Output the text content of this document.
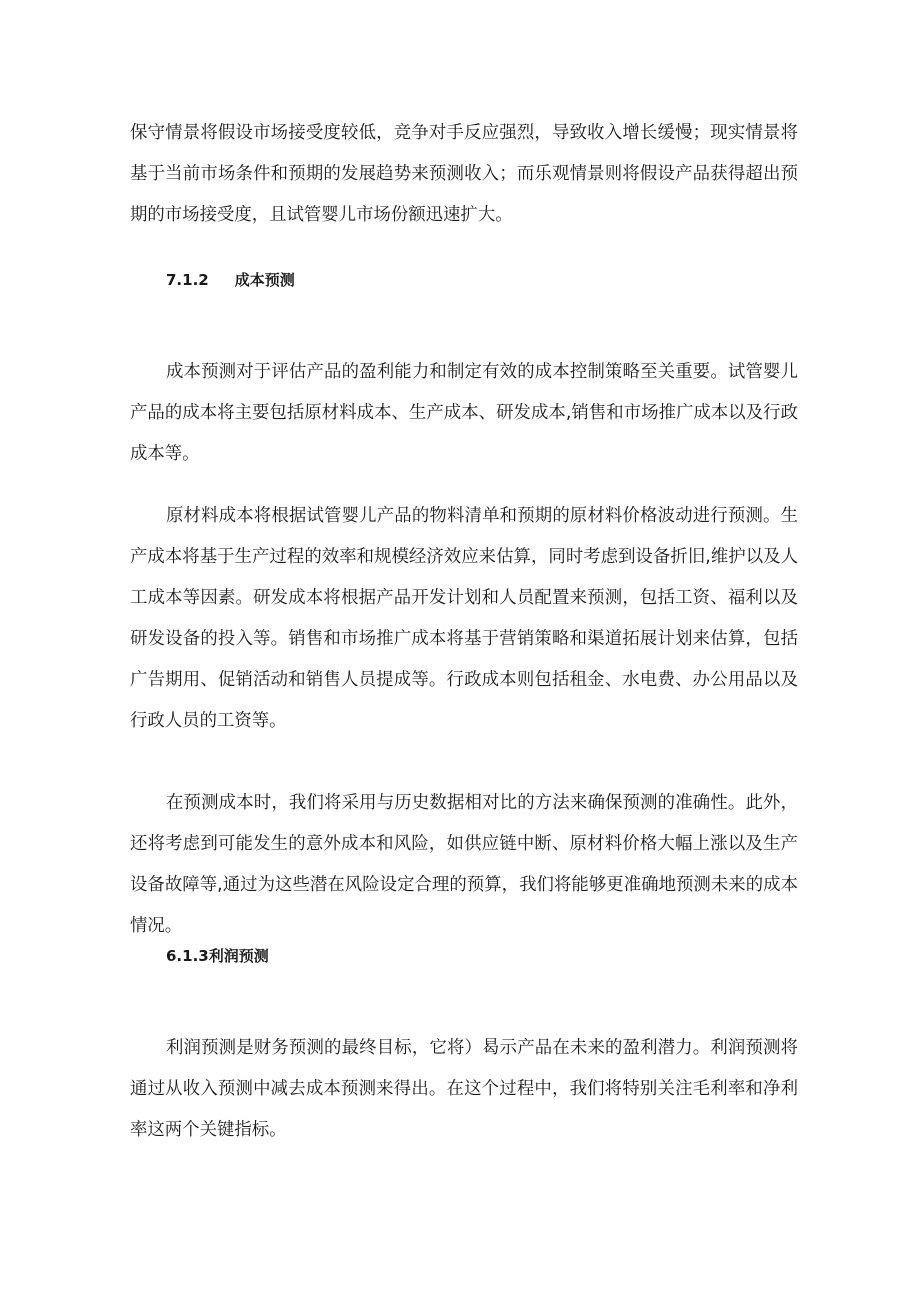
保守情景将假设市场接受度较低，竞争对手反应强烈，导致收入增长缓慢；现实情景将基于当前市场条件和预期的发展趋势来预测收入；而乐观情景则将假设产品获得超出预期的市场接受度，且试管婴儿市场份额迅速扩大。

7.1.2 成本预测

成本预测对于评估产品的盈利能力和制定有效的成本控制策略至关重要。试管婴儿产品的成本将主要包括原材料成本、生产成本、研发成本,销售和市场推广成本以及行政成本等。

原材料成本将根据试管婴儿产品的物料清单和预期的原材料价格波动进行预测。生产成本将基于生产过程的效率和规模经济效应来估算，同时考虑到设备折旧,维护以及人工成本等因素。研发成本将根据产品开发计划和人员配置来预测，包括工资、福利以及研发设备的投入等。销售和市场推广成本将基于营销策略和渠道拓展计划来估算，包括广告期用、促销活动和销售人员提成等。行政成本则包括租金、水电费、办公用品以及行政人员的工资等。

在预测成本时，我们将采用与历史数据相对比的方法来确保预测的准确性。此外，还将考虑到可能发生的意外成本和风险，如供应链中断、原材料价格大幅上涨以及生产设备故障等,通过为这些潜在风险设定合理的预算，我们将能够更准确地预测未来的成本情况。

6.1.3利润预测

利润预测是财务预测的最终目标，它将）曷示产品在未来的盈利潜力。利润预测将通过从收入预测中减去成本预测来得出。在这个过程中，我们将特别关注毛利率和净利率这两个关键指标。
